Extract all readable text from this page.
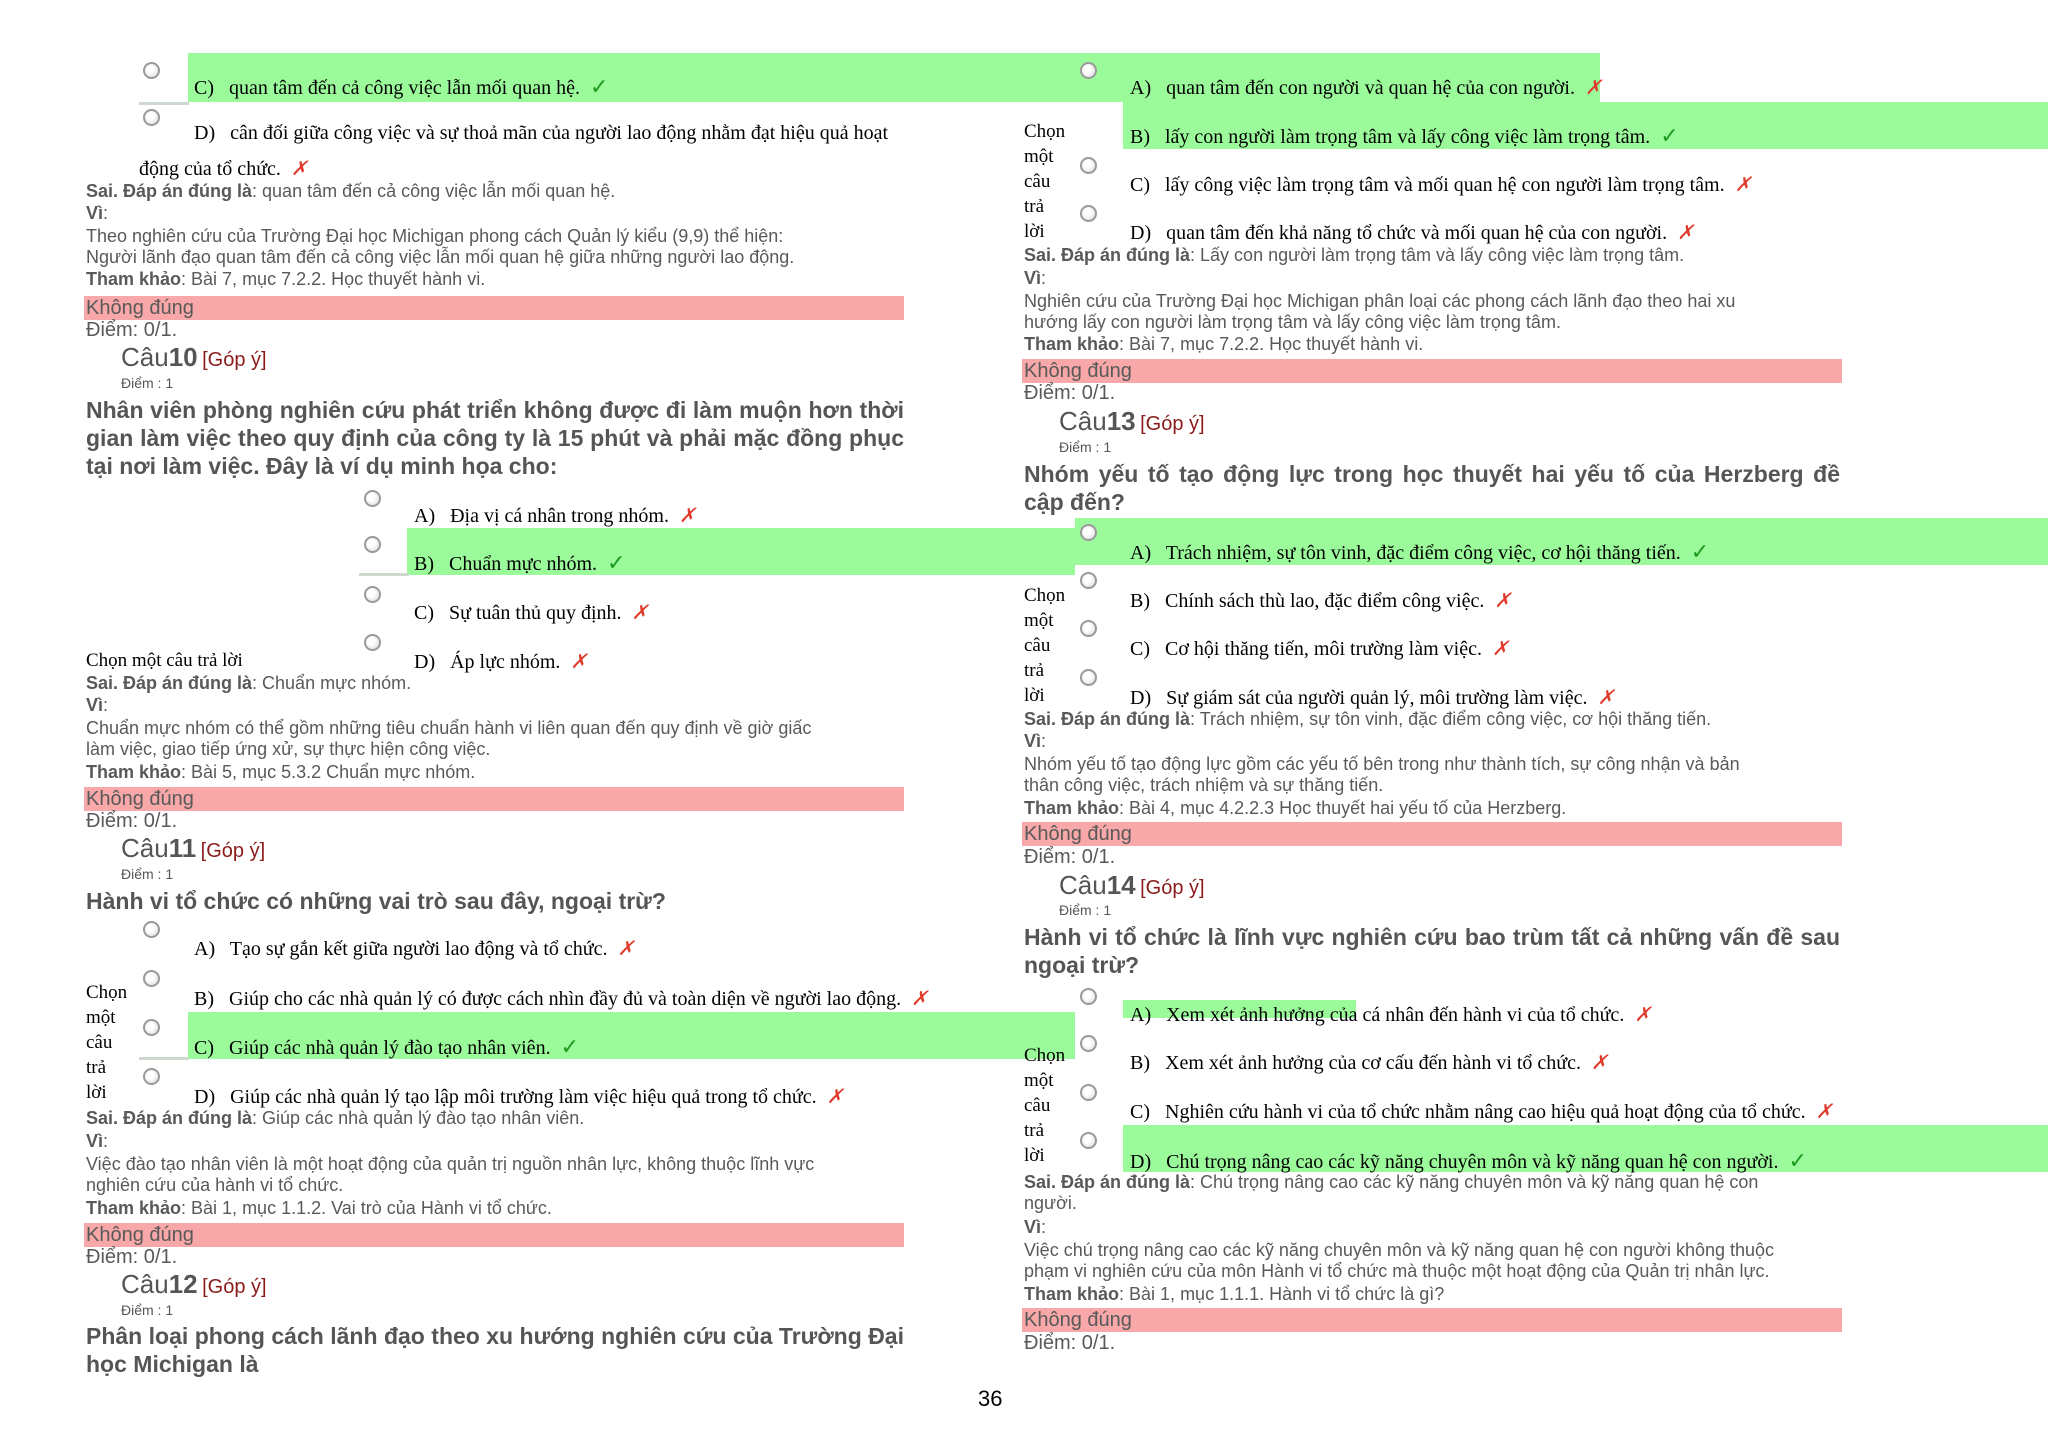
C) quan tâm đến cả công việc lẫn mối quan hệ. ✓
D) cân đối giữa công việc và sự thoả mãn của người lao động nhằm đạt hiệu quả hoạt
động của tổ chức. ✗
Sai. Đáp án đúng là: quan tâm đến cả công việc lẫn mối quan hệ.
Vì:
Theo nghiên cứu của Trường Đại học Michigan phong cách Quản lý kiểu (9,9) thể hiện:
Người lãnh đạo quan tâm đến cả công việc lẫn mối quan hệ giữa những người lao động.
Tham khảo: Bài 7, mục 7.2.2. Học thuyết hành vi.
Không đúng
Điểm: 0/1.
Câu10 [Góp ý]
Điểm : 1
Nhân viên phòng nghiên cứu phát triển không được đi làm muộn hơn thời gian làm việc theo quy định của công ty là 15 phút và phải mặc đồng phục tại nơi làm việc. Đây là ví dụ minh họa cho:
A) Địa vị cá nhân trong nhóm. ✗
B) Chuẩn mực nhóm. ✓
C) Sự tuân thủ quy định. ✗
D) Áp lực nhóm. ✗
Chọn một câu trả lời
Sai. Đáp án đúng là: Chuẩn mực nhóm.
Vì:
Chuẩn mực nhóm có thể gồm những tiêu chuẩn hành vi liên quan đến quy định về giờ giấc
làm việc, giao tiếp ứng xử, sự thực hiện công việc.
Tham khảo: Bài 5, mục 5.3.2 Chuẩn mực nhóm.
Không đúng
Điểm: 0/1.
Câu11 [Góp ý]
Điểm : 1
Hành vi tổ chức có những vai trò sau đây, ngoại trừ?
A) Tạo sự gắn kết giữa người lao động và tổ chức. ✗
B) Giúp cho các nhà quản lý có được cách nhìn đầy đủ và toàn diện về người lao động. ✗
C) Giúp các nhà quản lý đào tạo nhân viên. ✓
D) Giúp các nhà quản lý tạo lập môi trường làm việc hiệu quả trong tổ chức. ✗
Chọn
một
câu
trả
lời
Sai. Đáp án đúng là: Giúp các nhà quản lý đào tạo nhân viên.
Vì:
Việc đào tạo nhân viên là một hoạt động của quản trị nguồn nhân lực, không thuộc lĩnh vực
nghiên cứu của hành vi tổ chức.
Tham khảo: Bài 1, mục 1.1.2. Vai trò của Hành vi tổ chức.
Không đúng
Điểm: 0/1.
Câu12 [Góp ý]
Điểm : 1
Phân loại phong cách lãnh đạo theo xu hướng nghiên cứu của Trường Đại học Michigan là
A) quan tâm đến con người và quan hệ của con người. ✗
B) lấy con người làm trọng tâm và lấy công việc làm trọng tâm. ✓
C) lấy công việc làm trọng tâm và mối quan hệ con người làm trọng tâm. ✗
D) quan tâm đến khả năng tổ chức và mối quan hệ của con người. ✗
Chọn
một
câu
trả
lời
Sai. Đáp án đúng là: Lấy con người làm trọng tâm và lấy công việc làm trọng tâm.
Vì:
Nghiên cứu của Trường Đại học Michigan phân loại các phong cách lãnh đạo theo hai xu
hướng lấy con người làm trọng tâm và lấy công việc làm trọng tâm.
Tham khảo: Bài 7, mục 7.2.2. Học thuyết hành vi.
Không đúng
Điểm: 0/1.
Câu13 [Góp ý]
Điểm : 1
Nhóm yếu tố tạo động lực trong học thuyết hai yếu tố của Herzberg đề cập đến?
A) Trách nhiệm, sự tôn vinh, đặc điểm công việc, cơ hội thăng tiến. ✓
B) Chính sách thù lao, đặc điểm công việc. ✗
C) Cơ hội thăng tiến, môi trường làm việc. ✗
D) Sự giám sát của người quản lý, môi trường làm việc. ✗
Chọn
một
câu
trả
lời
Sai. Đáp án đúng là: Trách nhiệm, sự tôn vinh, đặc điểm công việc, cơ hội thăng tiến.
Vì:
Nhóm yếu tố tạo động lực gồm các yếu tố bên trong như thành tích, sự công nhận và bản
thân công việc, trách nhiệm và sự thăng tiến.
Tham khảo: Bài 4, mục 4.2.2.3 Học thuyết hai yếu tố của Herzberg.
Không đúng
Điểm: 0/1.
Câu14 [Góp ý]
Điểm : 1
Hành vi tổ chức là lĩnh vực nghiên cứu bao trùm tất cả những vấn đề sau ngoại trừ?
A) Xem xét ảnh hưởng của cá nhân đến hành vi của tổ chức. ✗
B) Xem xét ảnh hưởng của cơ cấu đến hành vi tổ chức. ✗
C) Nghiên cứu hành vi của tổ chức nhằm nâng cao hiệu quả hoạt động của tổ chức. ✗
D) Chú trọng nâng cao các kỹ năng chuyên môn và kỹ năng quan hệ con người. ✓
Chọn
một
câu
trả
lời
Sai. Đáp án đúng là: Chú trọng nâng cao các kỹ năng chuyên môn và kỹ năng quan hệ con
người.
Vì:
Việc chú trọng nâng cao các kỹ năng chuyên môn và kỹ năng quan hệ con người không thuộc
phạm vi nghiên cứu của môn Hành vi tổ chức mà thuộc một hoạt động của Quản trị nhân lực.
Tham khảo: Bài 1, mục 1.1.1. Hành vi tổ chức là gì?
Không đúng
Điểm: 0/1.
36
